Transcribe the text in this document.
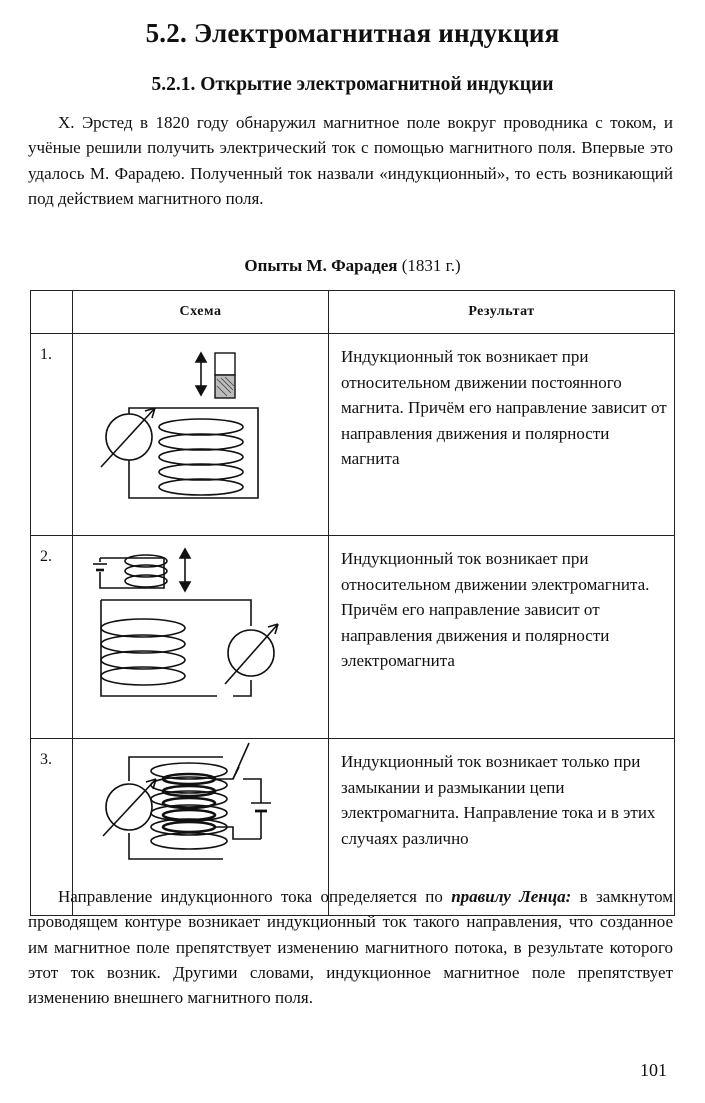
5.2. Электромагнитная индукция
5.2.1. Открытие электромагнитной индукции

Х. Эрстед в 1820 году обнаружил магнитное поле вокруг проводника с током, и учёные решили получить электрический ток с помощью магнитного поля. Впервые это удалось М. Фарадею. Полученный ток назвали «индукционный», то есть возникающий под действием магнитного поля.

Опыты М. Фарадея (1831 г.)
	Схема	Результат
1.		Индукционный ток возникает при относительном движении постоянного магнита. Причём его направление зависит от направления движения и полярности магнита
2.		Индукционный ток возникает при относительном движении электромагнита. Причём его направление зависит от направления движения и полярности электромагнита
3.		Индукционный ток возникает только при замыкании и размыкании цепи электромагнита. Направление тока и в этих случаях различно

Направление индукционного тока определяется по правилу Ленца: в замкнутом проводящем контуре возникает индукционный ток такого направления, что созданное им магнитное поле препятствует изменению магнитного потока, в результате которого этот ток возник. Другими словами, индукционное магнитное поле препятствует изменению внешнего магнитного поля.

101
